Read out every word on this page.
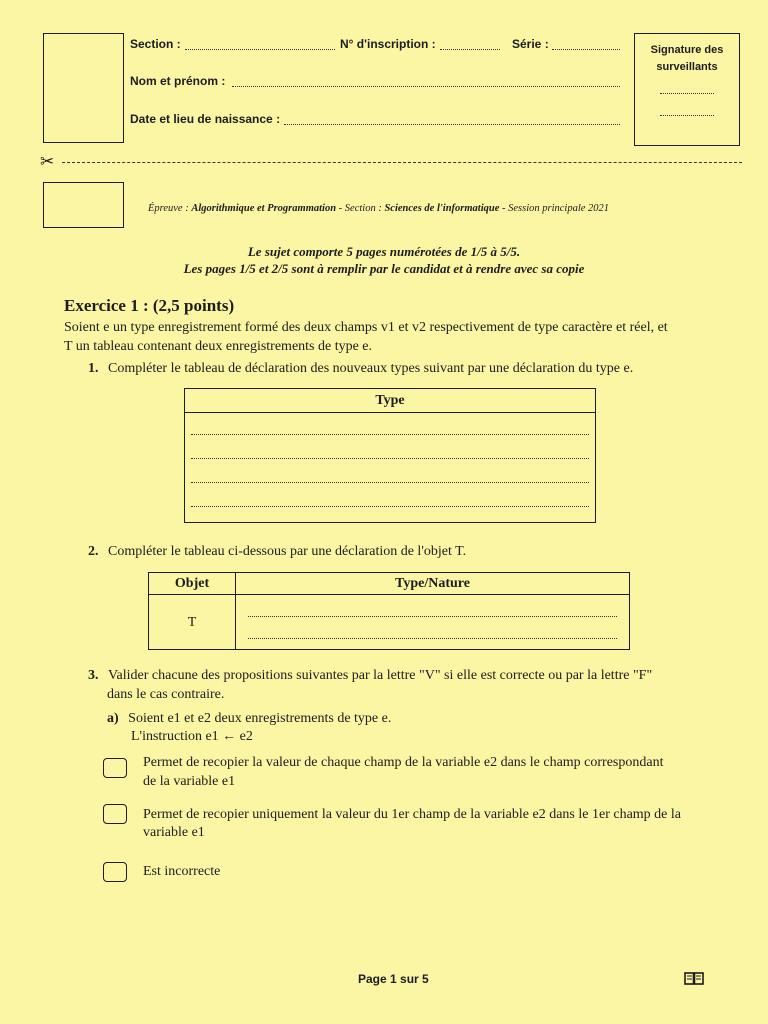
Section :	N° d'inscription :	Série :
Nom et prénom :
Date et lieu de naissance :
Signature des surveillants
✂
Épreuve : Algorithmique et Programmation - Section : Sciences de l'informatique - Session principale 2021
Le sujet comporte 5 pages numérotées de 1/5 à 5/5.
Les pages 1/5 et 2/5 sont à remplir par le candidat et à rendre avec sa copie
Exercice 1 : (2,5 points)
Soient e un type enregistrement formé des deux champs v1 et v2 respectivement de type caractère et réel, et
T un tableau contenant deux enregistrements de type e.
1. Compléter le tableau de déclaration des nouveaux types suivant par une déclaration du type e.
Type

2. Compléter le tableau ci-dessous par une déclaration de l'objet T.
Objet	Type/Nature
T	
3. Valider chacune des propositions suivantes par la lettre "V" si elle est correcte ou par la lettre "F"
dans le cas contraire.
a) Soient e1 et e2 deux enregistrements de type e.
L'instruction e1 ← e2
Permet de recopier la valeur de chaque champ de la variable e2 dans le champ correspondant
de la variable e1
Permet de recopier uniquement la valeur du 1er champ de la variable e2 dans le 1er champ de la
variable e1
Est incorrecte
Page 1 sur 5
